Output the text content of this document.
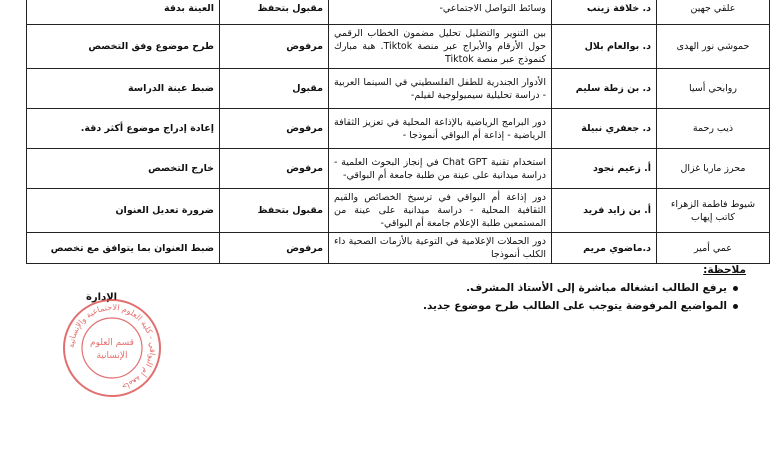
علقي جهين	د. خلافة زينب	وسائط التواصل الاجتماعي-	مقبول بتحفظ	العينة بدقة
حموشي نور الهدى	د. بوالعام بلال	بين التنوير والتضليل تحليل مضمون الخطاب الرقمي حول الأرقام والأبراج عبر منصة Tiktok. هبة مبارك كنموذج عبر منصة Tiktok	مرفوض	طرح موضوع وفق التخصص
روابحي أسيا	د. بن زطة سليم	الأدوار الجندرية للطفل الفلسطيني في السينما العربية - دراسة تحليلية سيميولوجية لفيلم-	مقبول	ضبط عينة الدراسة
ذيب رحمة	د. جعفري نبيلة	دور البرامج الرياضية بالإذاعة المحلية في تعزيز الثقافة الرياضية - إذاعة أم البواقي أنموذجا -	مرفوض	إعادة إدراج موضوع أكثر دقة.
محرز ماريا غزال	أ. زعيم نجود	استخدام تقنية Chat GPT في إنجاز البحوث العلمية - دراسة ميدانية على عينة من طلبة جامعة أم البواقي-	مرفوض	خارج التخصص
شيوط فاطمة الزهراء كاتب إيهاب	أ. بن زايد فريد	دور إذاعة أم البواقي في ترسيخ الخصائص والقيم الثقافية المحلية - دراسة ميدانية على عينة من المستمعين طلبة الإعلام جامعة أم البواقي-	مقبول بتحفظ	ضرورة تعديل العنوان
عمي أمير	د.ماضوي مريم	دور الحملات الإعلامية في التوعية بالأزمات الصحية داء الكلب أنموذجا	مرفوض	ضبط العنوان بما يتوافق مع تخصص
ملاحظة:
يرفع الطالب انشغاله مباشرة إلى الأستاذ المشرف.
المواضيع المرفوضة يتوجب على الطالب طرح موضوع جديد.
الإدارة
جامعة أم البواقي - كلية العلوم الاجتماعية والإنسانية
قسم العلوم
الإنسانية
